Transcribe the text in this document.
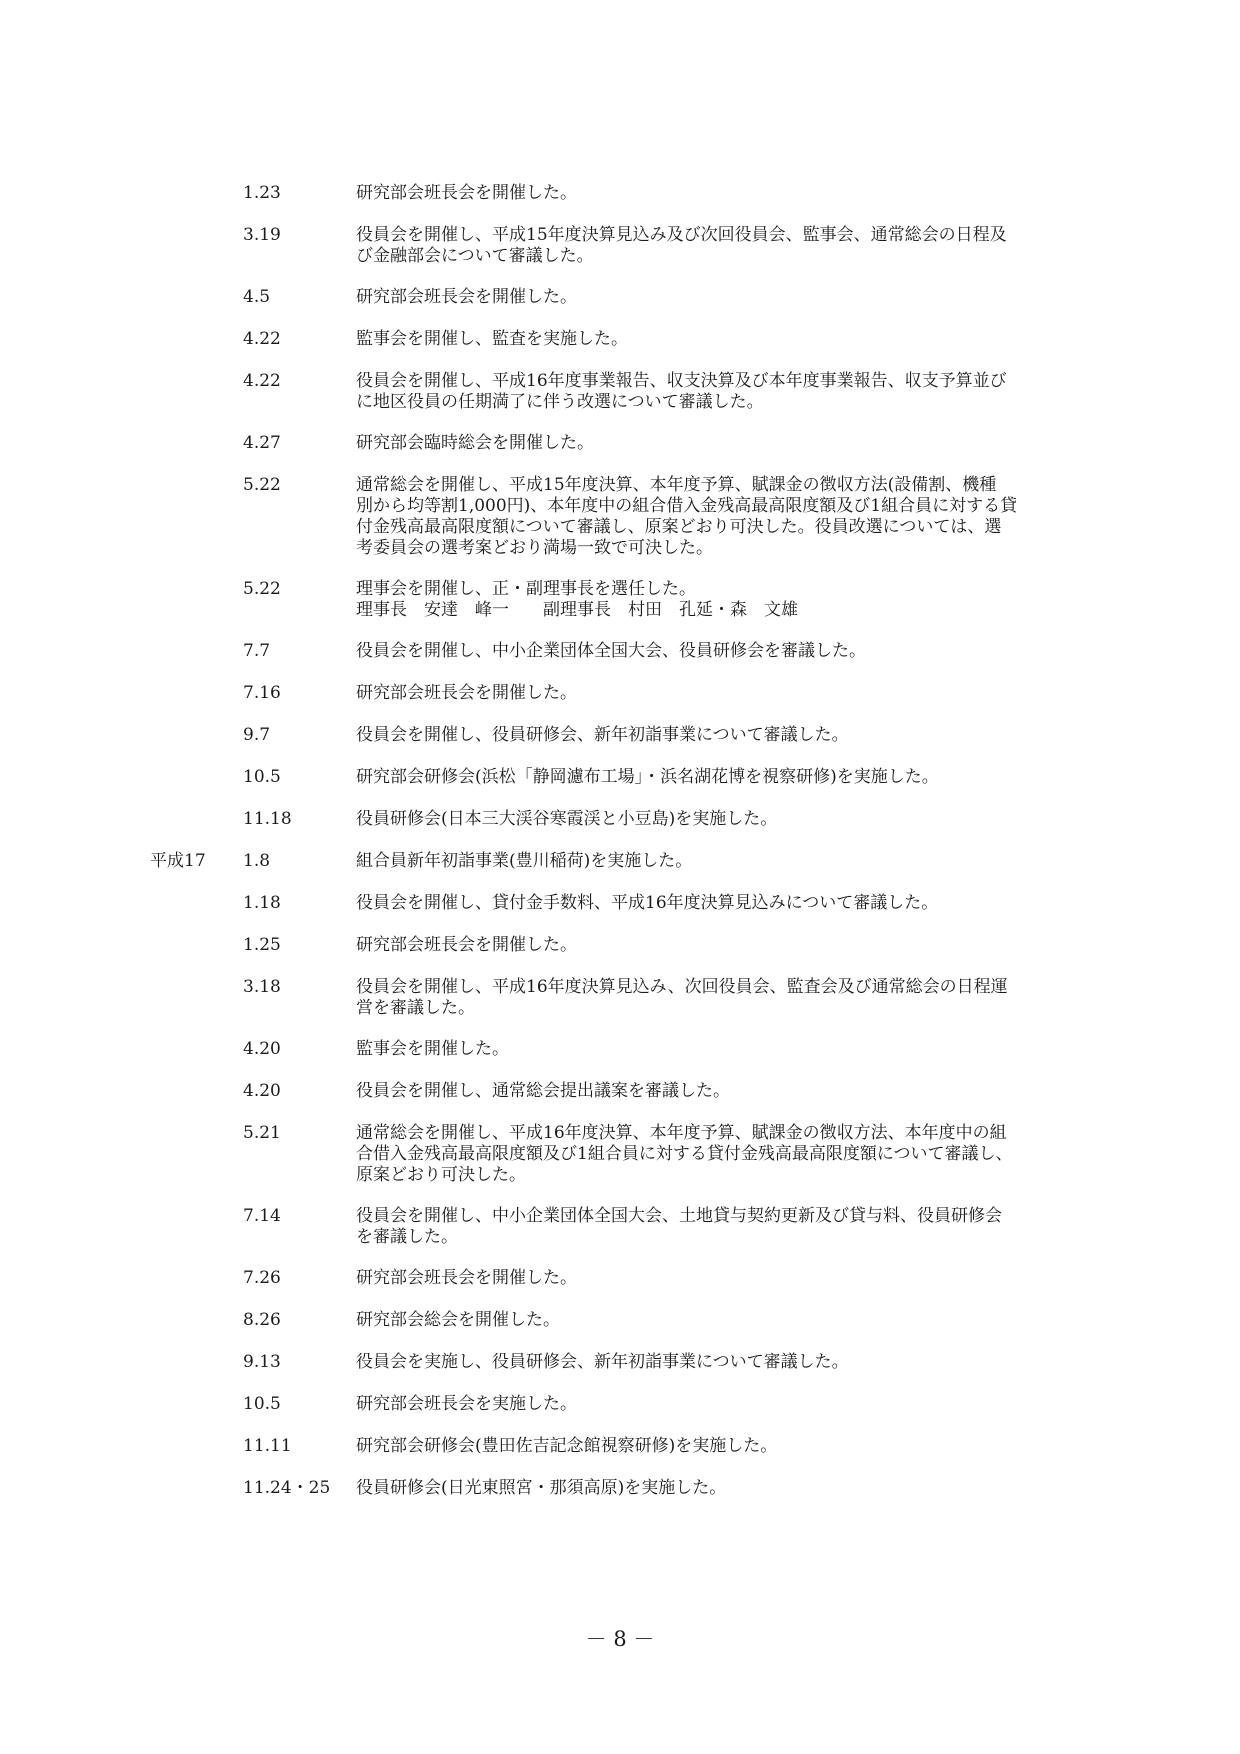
1.23	研究部会班長会を開催した。
3.19	役員会を開催し、平成15年度決算見込み及び次回役員会、監事会、通常総会の日程及
び金融部会について審議した。
4.5	研究部会班長会を開催した。
4.22	監事会を開催し、監査を実施した。
4.22	役員会を開催し、平成16年度事業報告、収支決算及び本年度事業報告、収支予算並び
に地区役員の任期満了に伴う改選について審議した。
4.27	研究部会臨時総会を開催した。
5.22	通常総会を開催し、平成15年度決算、本年度予算、賦課金の徴収方法(設備割、機種
別から均等割1,000円)、本年度中の組合借入金残高最高限度額及び1組合員に対する貸
付金残高最高限度額について審議し、原案どおり可決した。役員改選については、選
考委員会の選考案どおり満場一致で可決した。
5.22	理事会を開催し、正・副理事長を選任した。
理事長　安達　峰一　　副理事長　村田　孔延・森　文雄
7.7	役員会を開催し、中小企業団体全国大会、役員研修会を審議した。
7.16	研究部会班長会を開催した。
9.7	役員会を開催し、役員研修会、新年初詣事業について審議した。
10.5	研究部会研修会(浜松「静岡濾布工場」・浜名湖花博を視察研修)を実施した。
11.18	役員研修会(日本三大渓谷寒霞渓と小豆島)を実施した。
平成17 1.8	組合員新年初詣事業(豊川稲荷)を実施した。
1.18	役員会を開催し、貸付金手数料、平成16年度決算見込みについて審議した。
1.25	研究部会班長会を開催した。
3.18	役員会を開催し、平成16年度決算見込み、次回役員会、監査会及び通常総会の日程運
営を審議した。
4.20	監事会を開催した。
4.20	役員会を開催し、通常総会提出議案を審議した。
5.21	通常総会を開催し、平成16年度決算、本年度予算、賦課金の徴収方法、本年度中の組
合借入金残高最高限度額及び1組合員に対する貸付金残高最高限度額について審議し、
原案どおり可決した。
7.14	役員会を開催し、中小企業団体全国大会、土地貸与契約更新及び貸与料、役員研修会
を審議した。
7.26	研究部会班長会を開催した。
8.26	研究部会総会を開催した。
9.13	役員会を実施し、役員研修会、新年初詣事業について審議した。
10.5	研究部会班長会を実施した。
11.11	研究部会研修会(豊田佐吉記念館視察研修)を実施した。
11.24・25 役員研修会(日光東照宮・那須高原)を実施した。
－ 8 －
